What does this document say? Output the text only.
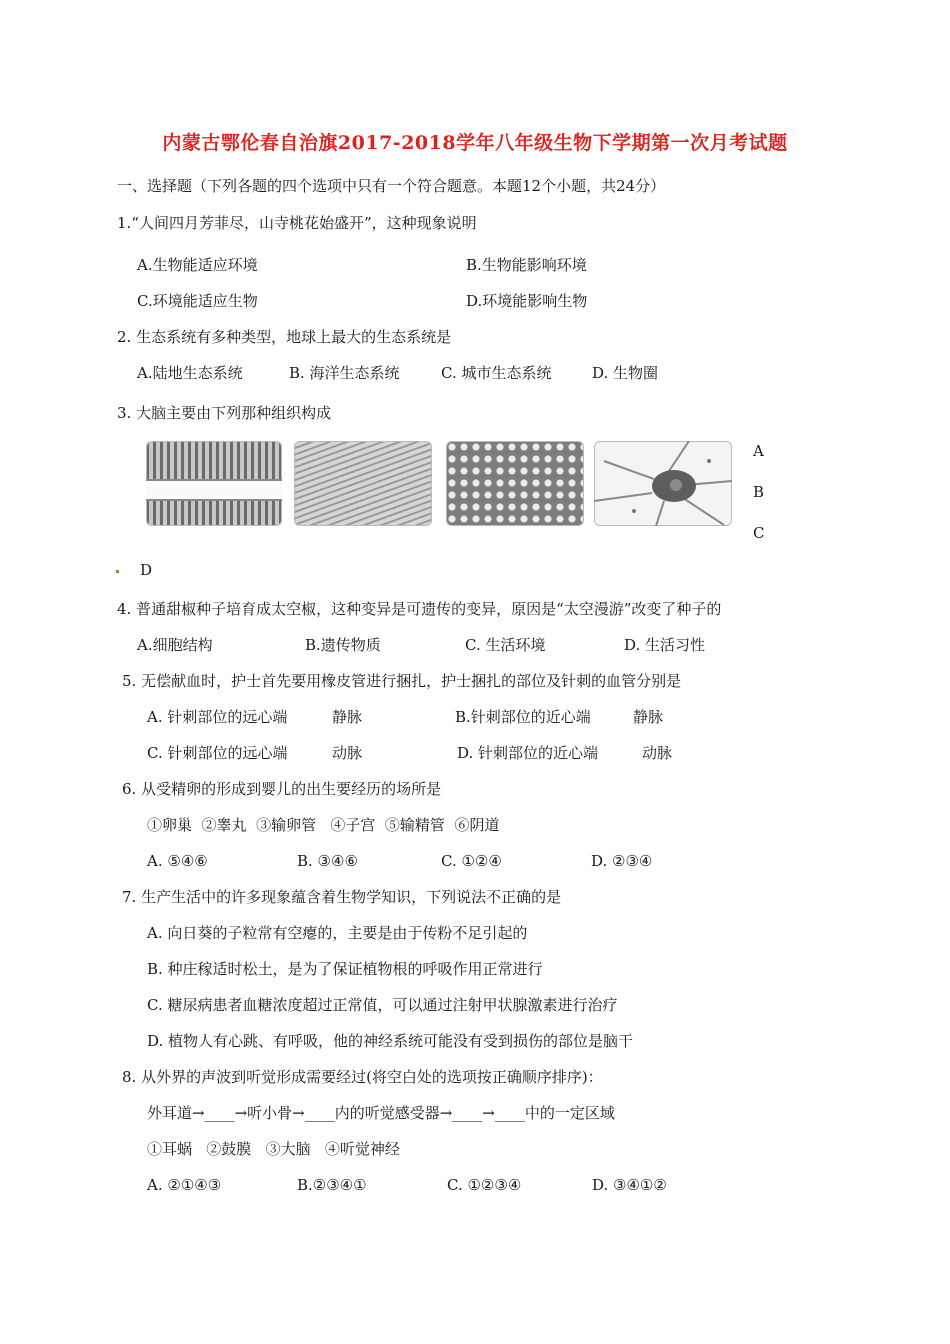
内蒙古鄂伦春自治旗2017-2018学年八年级生物下学期第一次月考试题
一、选择题（下列各题的四个选项中只有一个符合题意。本题12个小题，共24分）
1.“人间四月芳菲尽，山寺桃花始盛开”，这种现象说明
A.生物能适应环境	B.生物能影响环境
C.环境能适应生物	D.环境能影响生物
2. 生态系统有多种类型，地球上最大的生态系统是
A.陆地生态系统	B. 海洋生态系统	C. 城市生态系统	D. 生物圈
3. 大脑主要由下列那种组织构成
A
B
C
D
4. 普通甜椒种子培育成太空椒，这种变异是可遗传的变异，原因是“太空漫游”改变了种子的
A.细胞结构	B.遗传物质	C. 生活环境	D. 生活习性
5. 无偿献血时，护士首先要用橡皮管进行捆扎，护士捆扎的部位及针刺的血管分别是
A. 针刺部位的远心端	静脉	B.针刺部位的近心端	静脉
C. 针刺部位的远心端	动脉	D. 针刺部位的近心端	动脉
6. 从受精卵的形成到婴儿的出生要经历的场所是
①卵巢  ②睾丸  ③输卵管   ④子宫  ⑤输精管  ⑥阴道
A. ⑤④⑥	B. ③④⑥	C. ①②④	D. ②③④
7. 生产生活中的许多现象蕴含着生物学知识，下列说法不正确的是
A. 向日葵的子粒常有空瘪的，主要是由于传粉不足引起的
B. 种庄稼适时松土，是为了保证植物根的呼吸作用正常进行
C. 糖尿病患者血糖浓度超过正常值，可以通过注射甲状腺激素进行治疗
D. 植物人有心跳、有呼吸，他的神经系统可能没有受到损伤的部位是脑干
8. 从外界的声波到听觉形成需要经过(将空白处的选项按正确顺序排序)：
外耳道→____→听小骨→____内的听觉感受器→____→____中的一定区域
①耳蜗   ②鼓膜   ③大脑   ④听觉神经
A. ②①④③	B.②③④①	C. ①②③④	D. ③④①②
